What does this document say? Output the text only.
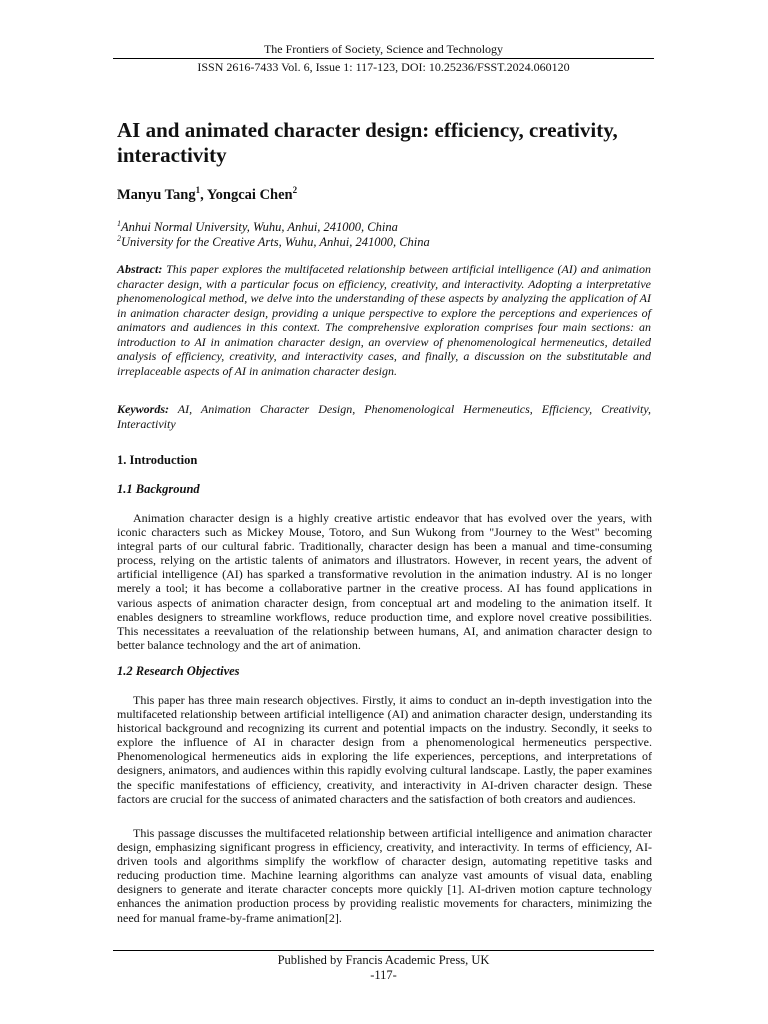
The Frontiers of Society, Science and Technology
ISSN 2616-7433 Vol. 6, Issue 1: 117-123, DOI: 10.25236/FSST.2024.060120
AI and animated character design: efficiency, creativity, interactivity
Manyu Tang$^1$, Yongcai Chen$^2$
$^1$Anhui Normal University, Wuhu, Anhui, 241000, China
$^2$University for the Creative Arts, Wuhu, Anhui, 241000, China

Abstract: This paper explores the multifaceted relationship between artificial intelligence (AI) and animation character design, with a particular focus on efficiency, creativity, and interactivity. Adopting a interpretative phenomenological method, we delve into the understanding of these aspects by analyzing the application of AI in animation character design, providing a unique perspective to explore the perceptions and experiences of animators and audiences in this context. The comprehensive exploration comprises four main sections: an introduction to AI in animation character design, an overview of phenomenological hermeneutics, detailed analysis of efficiency, creativity, and interactivity cases, and finally, a discussion on the substitutable and irreplaceable aspects of AI in animation character design.

Keywords: AI, Animation Character Design, Phenomenological Hermeneutics, Efficiency, Creativity, Interactivity

1. Introduction
1.1 Background

Animation character design is a highly creative artistic endeavor that has evolved over the years, with iconic characters such as Mickey Mouse, Totoro, and Sun Wukong from "Journey to the West" becoming integral parts of our cultural fabric. Traditionally, character design has been a manual and time-consuming process, relying on the artistic talents of animators and illustrators. However, in recent years, the advent of artificial intelligence (AI) has sparked a transformative revolution in the animation industry. AI is no longer merely a tool; it has become a collaborative partner in the creative process. AI has found applications in various aspects of animation character design, from conceptual art and modeling to the animation itself. It enables designers to streamline workflows, reduce production time, and explore novel creative possibilities. This necessitates a reevaluation of the relationship between humans, AI, and animation character design to better balance technology and the art of animation.

1.2 Research Objectives

This paper has three main research objectives. Firstly, it aims to conduct an in-depth investigation into the multifaceted relationship between artificial intelligence (AI) and animation character design, understanding its historical background and recognizing its current and potential impacts on the industry. Secondly, it seeks to explore the influence of AI in character design from a phenomenological hermeneutics perspective. Phenomenological hermeneutics aids in exploring the life experiences, perceptions, and interpretations of designers, animators, and audiences within this rapidly evolving cultural landscape. Lastly, the paper examines the specific manifestations of efficiency, creativity, and interactivity in AI-driven character design. These factors are crucial for the success of animated characters and the satisfaction of both creators and audiences.

This passage discusses the multifaceted relationship between artificial intelligence and animation character design, emphasizing significant progress in efficiency, creativity, and interactivity. In terms of efficiency, AI-driven tools and algorithms simplify the workflow of character design, automating repetitive tasks and reducing production time. Machine learning algorithms can analyze vast amounts of visual data, enabling designers to generate and iterate character concepts more quickly [1]. AI-driven motion capture technology enhances the animation production process by providing realistic movements for characters, minimizing the need for manual frame-by-frame animation[2].

Published by Francis Academic Press, UK
-117-
